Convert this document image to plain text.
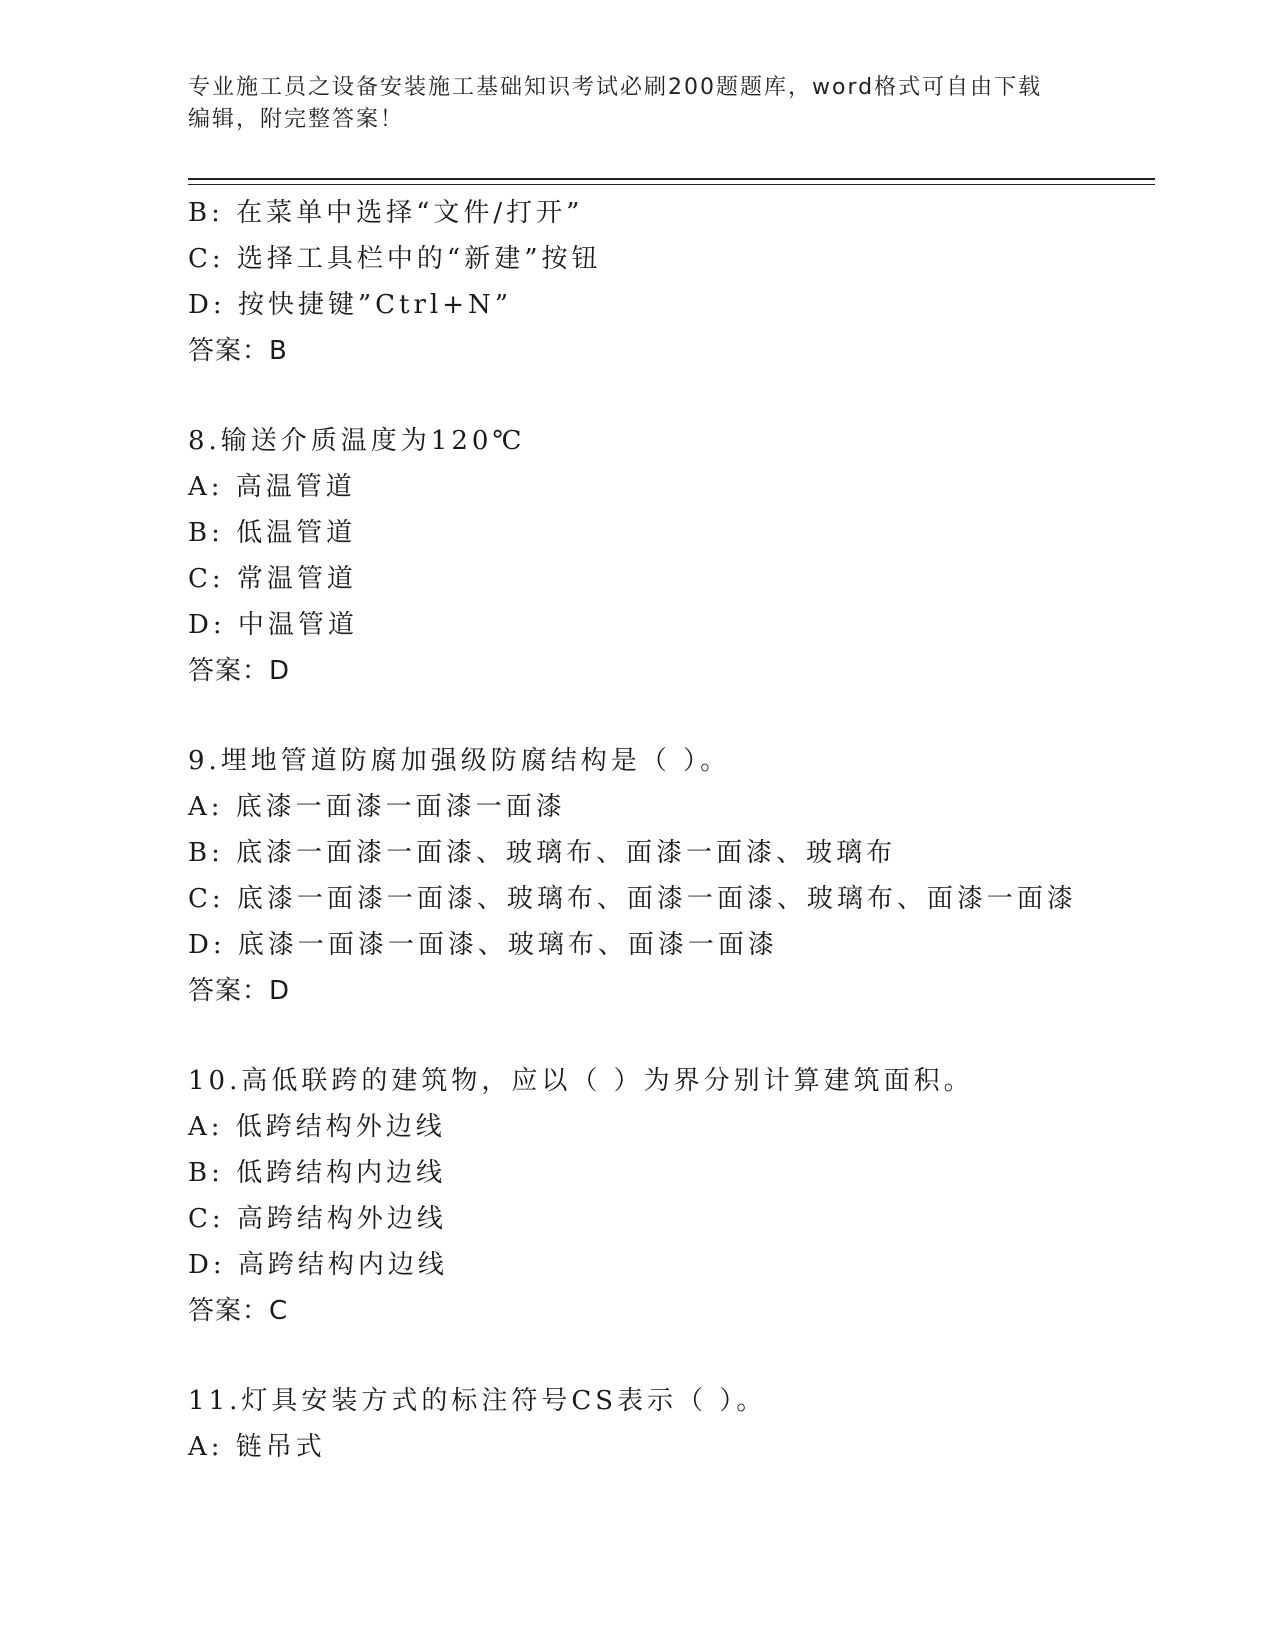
专业施工员之设备安装施工基础知识考试必刷200题题库，word格式可自由下载
编辑，附完整答案！
B: 在菜单中选择“文件/打开”
C: 选择工具栏中的“新建”按钮
D: 按快捷键”Ctrl+N”
答案：B
8.输送介质温度为120℃
A: 高温管道
B: 低温管道
C: 常温管道
D: 中温管道
答案：D
9.埋地管道防腐加强级防腐结构是（ ）。
A: 底漆一面漆一面漆一面漆
B: 底漆一面漆一面漆、玻璃布、面漆一面漆、玻璃布
C: 底漆一面漆一面漆、玻璃布、面漆一面漆、玻璃布、面漆一面漆
D: 底漆一面漆一面漆、玻璃布、面漆一面漆
答案：D
10.高低联跨的建筑物，应以（ ）为界分别计算建筑面积。
A: 低跨结构外边线
B: 低跨结构内边线
C: 高跨结构外边线
D: 高跨结构内边线
答案：C
11.灯具安装方式的标注符号CS表示（ ）。
A: 链吊式
